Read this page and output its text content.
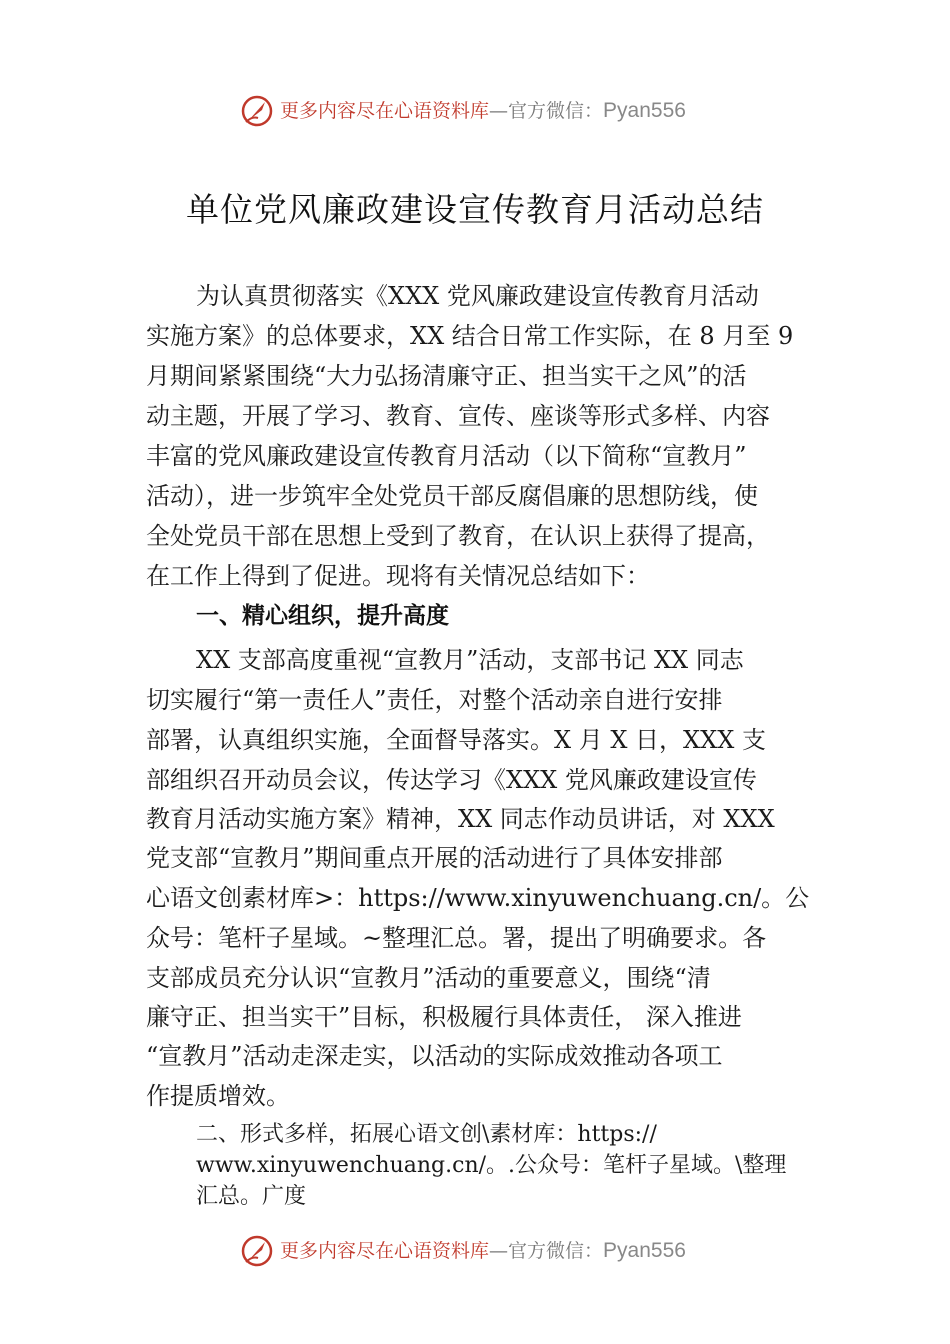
更多内容尽在心语资料库—官方微信：Pyan556
单位党风廉政建设宣传教育月活动总结
为认真贯彻落实《XXX 党风廉政建设宣传教育月活动
实施方案》的总体要求，XX 结合日常工作实际，在 8 月至 9
月期间紧紧围绕“大力弘扬清廉守正、担当实干之风”的活
动主题，开展了学习、教育、宣传、座谈等形式多样、内容
丰富的党风廉政建设宣传教育月活动（以下简称“宣教月”
活动），进一步筑牢全处党员干部反腐倡廉的思想防线，使
全处党员干部在思想上受到了教育，在认识上获得了提高，
在工作上得到了促进。现将有关情况总结如下：
一、精心组织，提升高度
XX 支部高度重视“宣教月”活动，支部书记 XX 同志
切实履行“第一责任人”责任，对整个活动亲自进行安排
部署，认真组织实施，全面督导落实。X 月 X 日，XXX 支
部组织召开动员会议，传达学习《XXX 党风廉政建设宣传
教育月活动实施方案》精神，XX 同志作动员讲话，对 XXX
党支部“宣教月”期间重点开展的活动进行了具体安排部
心语文创素材库>：https://www.xinyuwenchuang.cn/。公
众号：笔杆子星域。~整理汇总。署，提出了明确要求。各
支部成员充分认识“宣教月”活动的重要意义，围绕“清
廉守正、担当实干”目标，积极履行具体责任， 深入推进
“宣教月”活动走深走实，以活动的实际成效推动各项工
作提质增效。
二、形式多样，拓展心语文创\素材库：https://
www.xinyuwenchuang.cn/。.公众号：笔杆子星域。\整理
汇总。广度
更多内容尽在心语资料库—官方微信：Pyan556
